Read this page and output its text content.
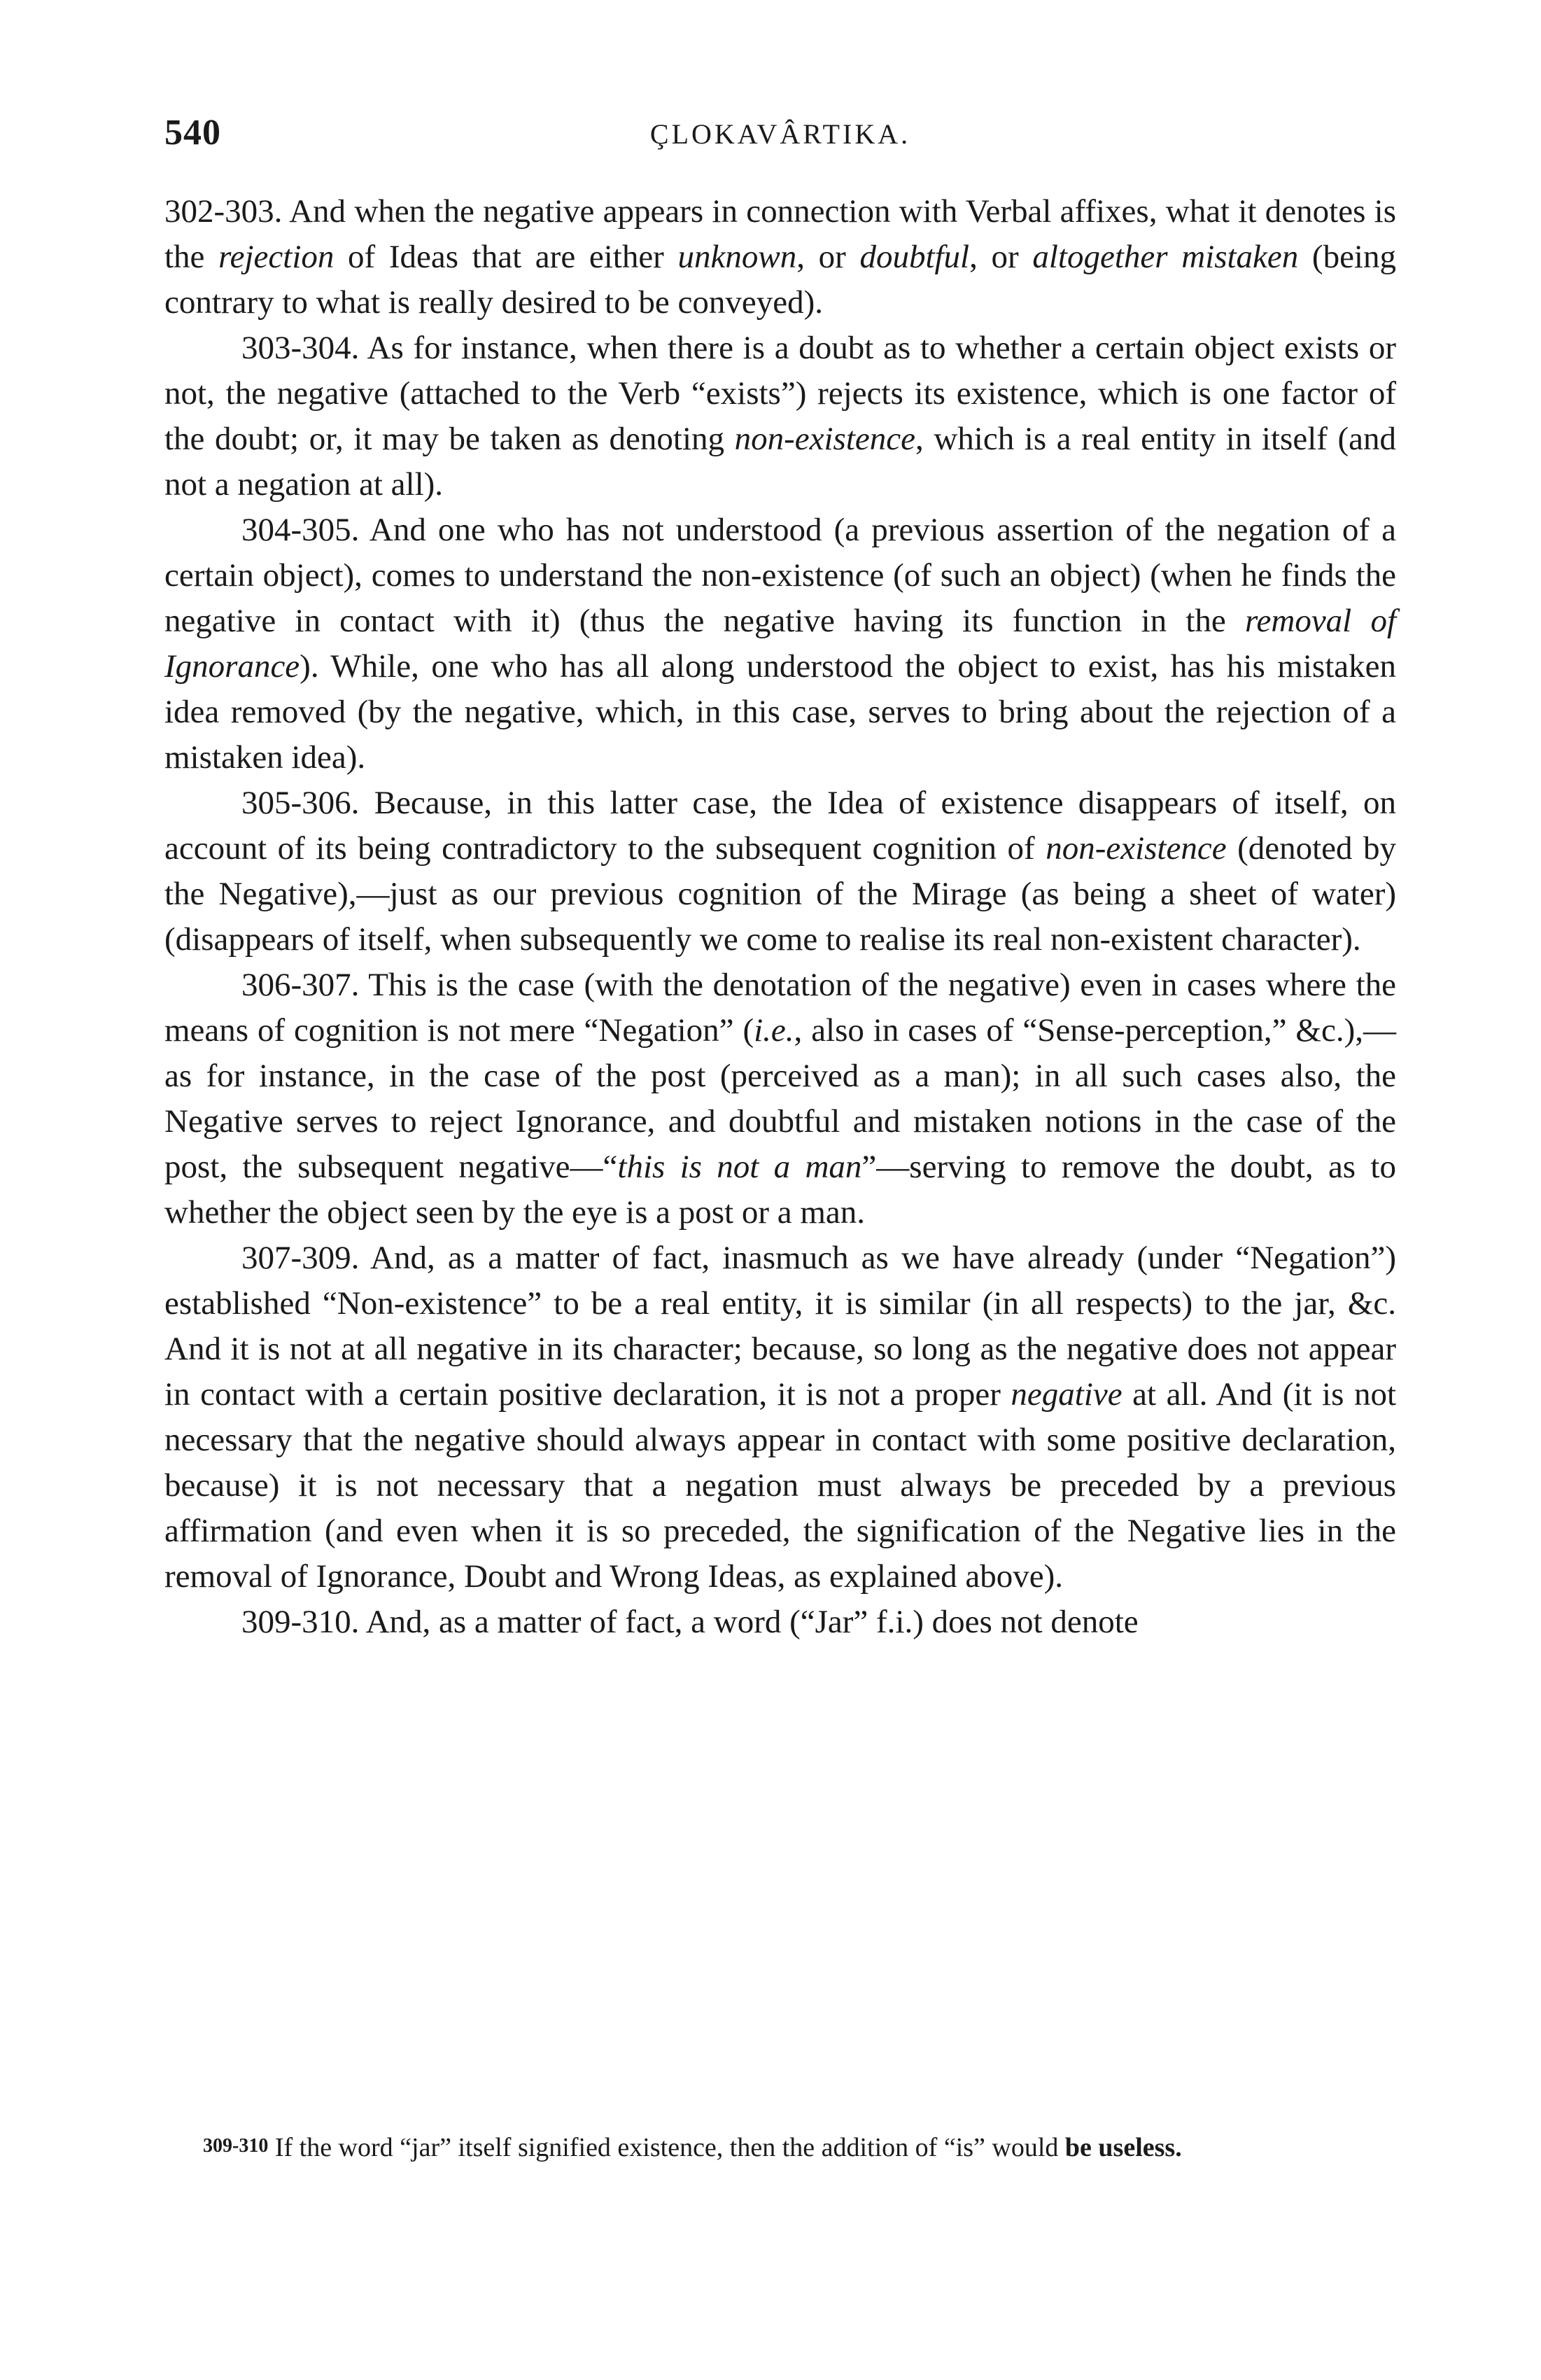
540	ÇLOKAVÂRTIKA.

302-303. And when the negative appears in connection with Verbal affixes, what it denotes is the rejection of Ideas that are either unknown, or doubtful, or altogether mistaken (being contrary to what is really desired to be conveyed).

303-304. As for instance, when there is a doubt as to whether a certain object exists or not, the negative (attached to the Verb “exists”) rejects its existence, which is one factor of the doubt; or, it may be taken as denoting non-existence, which is a real entity in itself (and not a negation at all).

304-305. And one who has not understood (a previous assertion of the negation of a certain object), comes to understand the non-existence (of such an object) (when he finds the negative in contact with it) (thus the negative having its function in the removal of Ignorance). While, one who has all along understood the object to exist, has his mistaken idea removed (by the negative, which, in this case, serves to bring about the rejection of a mistaken idea).

305-306. Because, in this latter case, the Idea of existence disappears of itself, on account of its being contradictory to the subsequent cognition of non-existence (denoted by the Negative),—just as our previous cognition of the Mirage (as being a sheet of water) (disappears of itself, when subsequently we come to realise its real non-existent character).

306-307. This is the case (with the denotation of the negative) even in cases where the means of cognition is not mere “Negation” (i.e., also in cases of “Sense-perception,” &c.),—as for instance, in the case of the post (perceived as a man); in all such cases also, the Negative serves to reject Ignorance, and doubtful and mistaken notions in the case of the post, the subsequent negative—“this is not a man”—serving to remove the doubt, as to whether the object seen by the eye is a post or a man.

307-309. And, as a matter of fact, inasmuch as we have already (under “Negation”) established “Non-existence” to be a real entity, it is similar (in all respects) to the jar, &c. And it is not at all negative in its character; because, so long as the negative does not appear in contact with a certain positive declaration, it is not a proper negative at all. And (it is not necessary that the negative should always appear in contact with some positive declaration, because) it is not necessary that a negation must always be preceded by a previous affirmation (and even when it is so preceded, the signification of the Negative lies in the removal of Ignorance, Doubt and Wrong Ideas, as explained above).

309-310. And, as a matter of fact, a word (“Jar” f.i.) does not denote

309-310 If the word “jar” itself signified existence, then the addition of “is” would be useless.
